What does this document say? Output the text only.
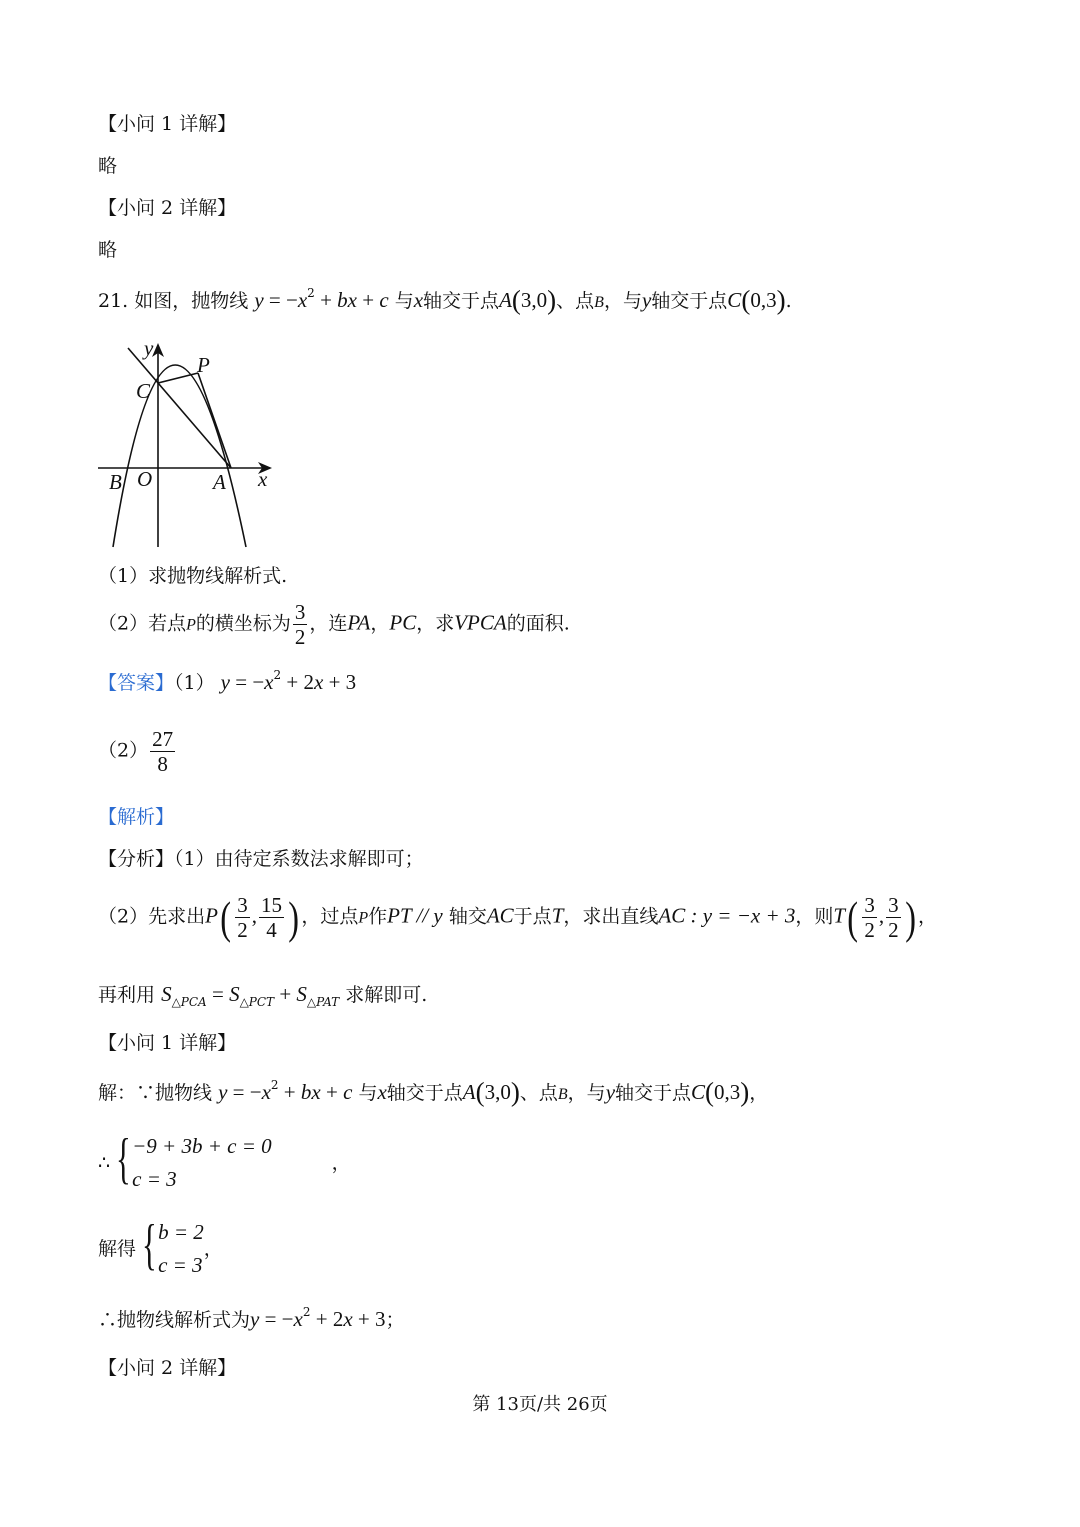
【小问 1 详解】
略
【小问 2 详解】
略
21. 如图，抛物线 $y = -x^2$ + bx + c 与x轴交于点A(3,0)、点B，与y轴交于点C(0,3).
y
P
C
B O	A x
（1）求抛物线解析式.
（2）若点P的横坐标为 $\frac{3}{2}$ ，连PA，PC，求VPCA的面积.
【答案】（1） $y = -x^2 + 2x + 3$
$(2) \frac{27}{8}$
【解析】
【分析】（1）由待定系数法求解即可；
（2）先求出$P( \frac{3}{2}$ , $\frac{15}{4}$ ) ，过点P作PT // y 轴交AC于点T，求出直线AC : y = −x + 3，则$T( \frac{3}{2}$ , $\frac{3}{2}$ ) ，
再利用 $S_{\triangle PCA} = S_{\triangle PCT} + S_{\triangle PAT}$ 求解即可.
【小问 1 详解】
解：∵抛物线 $y = -x^2$ + bx + c 与x轴交于点A(3,0)、点B，与y轴交于点C(0,3)，
∴ { −9 + 3b + c = 0
c = 3
，
解得 { b = 2
c = 3
，
∴抛物线解析式为$y = -x^2 + 2x + 3$；
【小问 2 详解】
第 13页/共 26页
